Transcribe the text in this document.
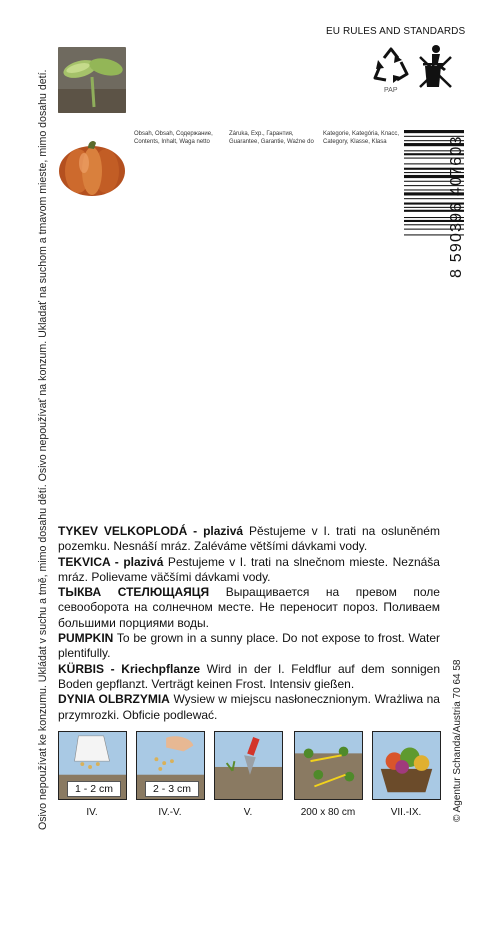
Osivo nepoužívat ke konzumu. Ukládat v suchu a tmě, mimo dosahu dětí. Osivo nepoužívať na konzum. Ukladať na suchom a tmavom mieste, mimo dosahu detí.
EU RULES AND STANDARDS
PAP
Obsah, Obsah, Содержание,
Contents, Inhalt, Waga netto
Záruka, Exp., Гарантия,
Guarantee, Garantie, Ważne do
Kategorie, Kategória, Класс,
Category, Klasse, Klasa	8 590396 407603
© Agentur Schanda/Austria 70 64 58

TYKEV VELKOPLODÁ - plazivá Pěstujeme v I. trati na osluněném pozemku. Nesnáší mráz. Zaléváme většími dávkami vody.

TEKVICA - plazivá Pestujeme v I. trati na slnečnom mieste. Neznáša mráz. Polievame väčšími dávkami vody.

ТЫКВА СТЕЛЮЩАЯЦЯ Выращивается на превом поле севооборота на солнечном месте. Не переносит пороз. Поливаем большими порциями воды.

PUMPKIN To be grown in a sunny place. Do not expose to frost. Water plentifully.

KÜRBIS - Kriechpflanze Wird in der I. Feldflur auf dem sonnigen Boden gepflanzt. Verträgt keinen Frost. Intensiv gießen.

DYNIA OLBRZYMIA Wysiew w miejscu nasłonecznionym. Wrażliwa na przymrozki. Obficie podlewać.

1 - 2 cm	2 - 3 cm
IV.	IV.-V.	V.	200 x 80 cm	VII.-IX.
